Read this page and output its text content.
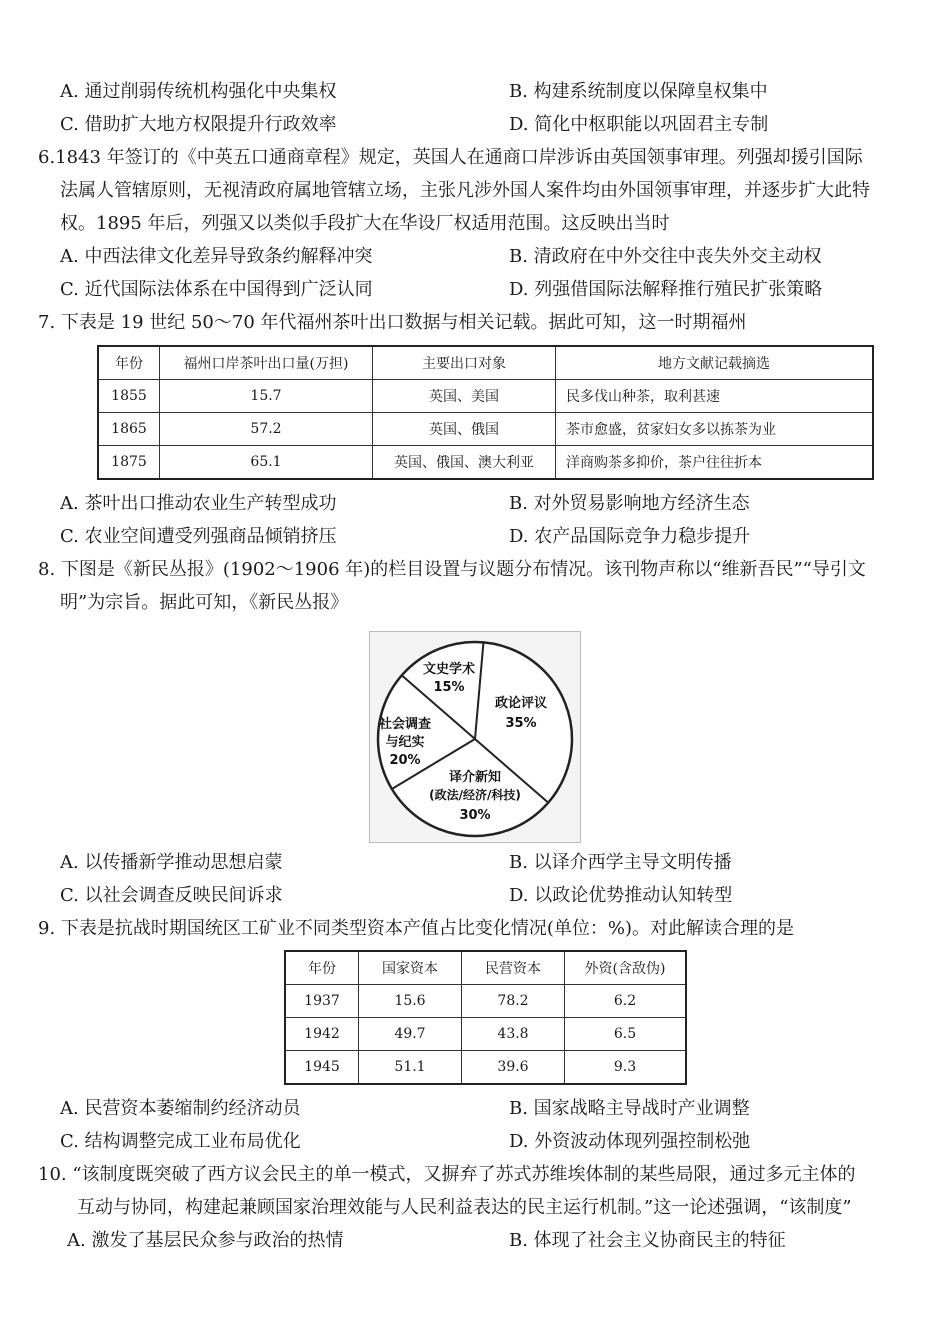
A. 通过削弱传统机构强化中央集权	B. 构建系统制度以保障皇权集中
C. 借助扩大地方权限提升行政效率	D. 简化中枢职能以巩固君主专制
6.1843 年签订的《中英五口通商章程》规定，英国人在通商口岸涉诉由英国领事审理。列强却援引国际
法属人管辖原则，无视清政府属地管辖立场，主张凡涉外国人案件均由外国领事审理，并逐步扩大此特
权。1895 年后，列强又以类似手段扩大在华设厂权适用范围。这反映出当时
A. 中西法律文化差异导致条约解释冲突	B. 清政府在中外交往中丧失外交主动权
C. 近代国际法体系在中国得到广泛认同	D. 列强借国际法解释推行殖民扩张策略
7. 下表是 19 世纪 50～70 年代福州茶叶出口数据与相关记载。据此可知，这一时期福州
年份	福州口岸茶叶出口量(万担)	主要出口对象	地方文献记载摘选
1855	15.7	英国、美国	民多伐山种茶，取利甚速
1865	57.2	英国、俄国	茶市愈盛，贫家妇女多以拣茶为业
1875	65.1	英国、俄国、澳大利亚	洋商购茶多抑价，茶户往往折本
A. 茶叶出口推动农业生产转型成功	B. 对外贸易影响地方经济生态
C. 农业空间遭受列强商品倾销挤压	D. 农产品国际竞争力稳步提升
8. 下图是《新民丛报》(1902～1906 年)的栏目设置与议题分布情况。该刊物声称以“维新吾民”“导引文
明”为宗旨。据此可知，《新民丛报》
文史学术
15%
政论评议
35%
社会调查
与纪实
20%
译介新知
(政法/经济/科技)
30%
A. 以传播新学推动思想启蒙	B. 以译介西学主导文明传播
C. 以社会调查反映民间诉求	D. 以政论优势推动认知转型
9. 下表是抗战时期国统区工矿业不同类型资本产值占比变化情况(单位：%)。对此解读合理的是
年份	国家资本	民营资本	外资(含敌伪)
1937	15.6	78.2	6.2
1942	49.7	43.8	6.5
1945	51.1	39.6	9.3
A. 民营资本萎缩制约经济动员	B. 国家战略主导战时产业调整
C. 结构调整完成工业布局优化	D. 外资波动体现列强控制松弛
10. “该制度既突破了西方议会民主的单一模式，又摒弃了苏式苏维埃体制的某些局限，通过多元主体的
互动与协同，构建起兼顾国家治理效能与人民利益表达的民主运行机制。”这一论述强调，“该制度”
A. 激发了基层民众参与政治的热情	B. 体现了社会主义协商民主的特征
